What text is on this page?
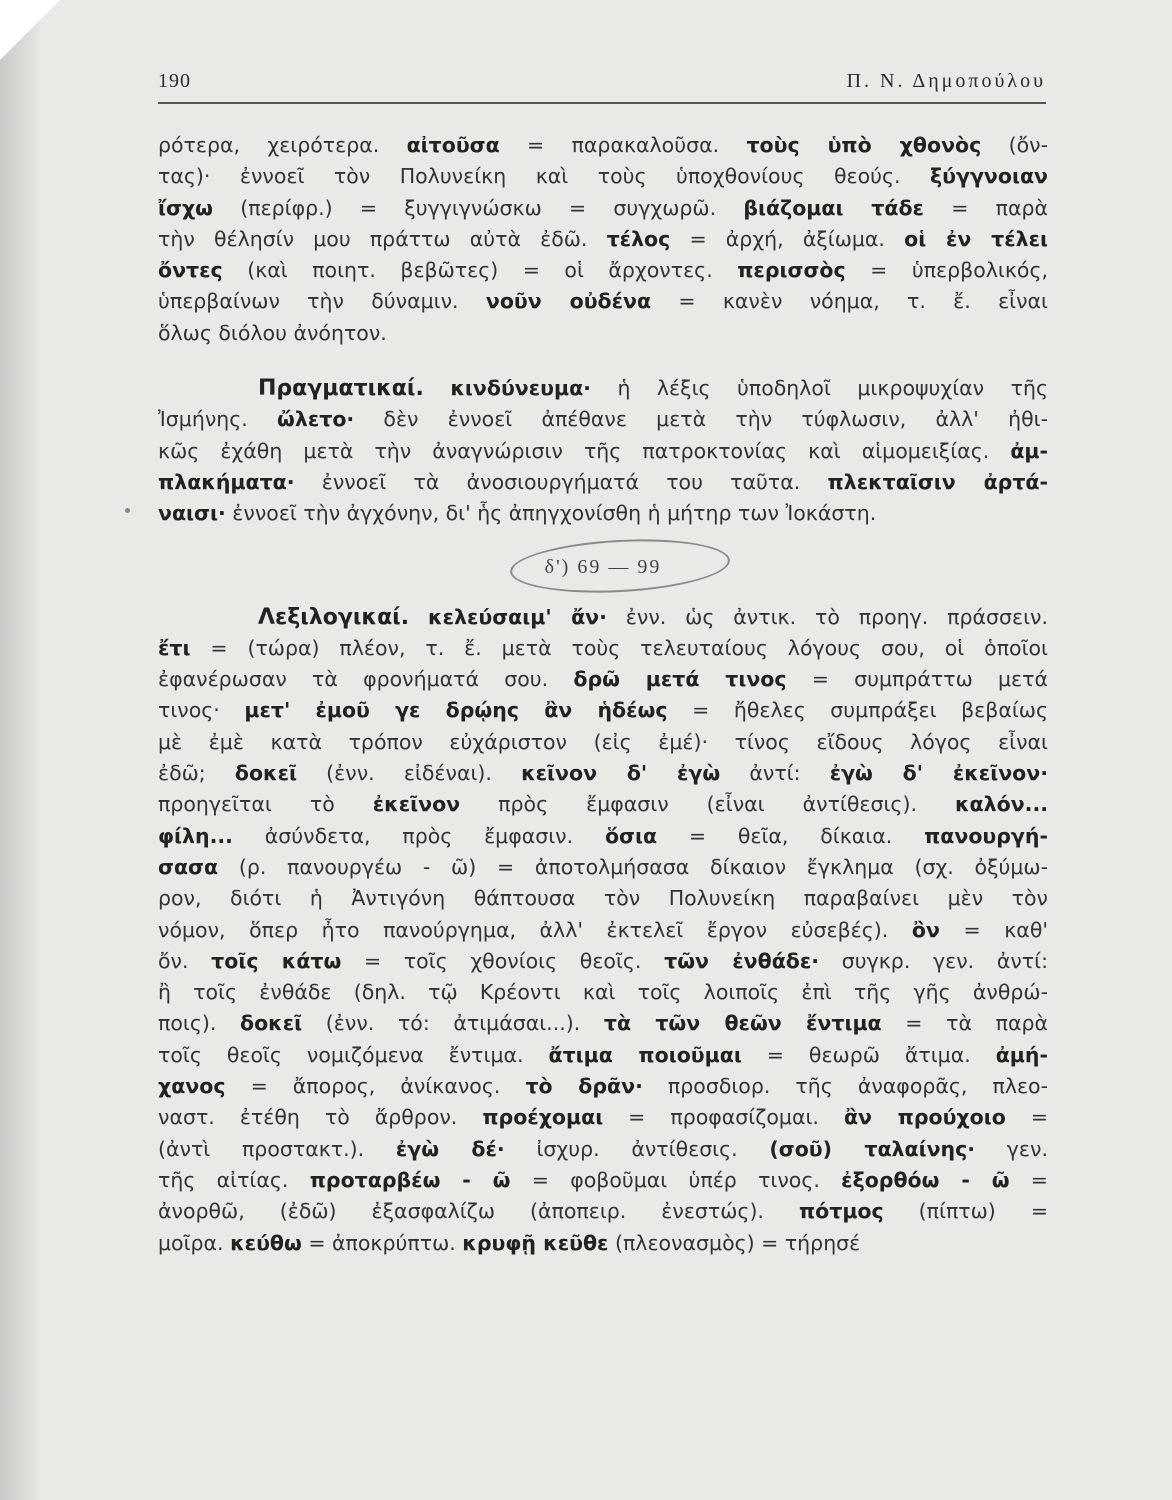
190	Π. Ν. Δημοπούλου

ρότερα, χειρότερα. αἰτοῦσα = παρακαλοῦσα. τοὺς ὑπὸ χθονὸς (ὄν-
τας)· ἐννοεῖ τὸν Πολυνείκη καὶ τοὺς ὑποχθονίους θεούς. ξύγγνοιαν
ἴσχω (περίφρ.) = ξυγγιγνώσκω = συγχωρῶ. βιάζομαι τάδε = παρὰ
τὴν θέλησίν μου πράττω αὐτὰ ἐδῶ. τέλος = ἀρχή, ἀξίωμα. οἱ ἐν τέλει
ὄντες (καὶ ποιητ. βεβῶτες) = οἱ ἄρχοντες. περισσὸς = ὑπερβολικός,
ὑπερβαίνων τὴν δύναμιν. νοῦν οὐδένα = κανὲν νόημα, τ. ἔ. εἶναι
ὅλως διόλου ἀνόητον.

Πραγματικαί. κινδύνευμα· ἡ λέξις ὑποδηλοῖ μικροψυχίαν τῆς
Ἰσμήνης. ὤλετο· δὲν ἐννοεῖ ἀπέθανε μετὰ τὴν τύφλωσιν, ἀλλ' ἠθι-
κῶς ἐχάθη μετὰ τὴν ἀναγνώρισιν τῆς πατροκτονίας καὶ αἱμομειξίας. ἀμ-
πλακήματα· ἐννοεῖ τὰ ἀνοσιουργήματά του ταῦτα. πλεκταῖσιν ἀρτά-
ναισι· ἐννοεῖ τὴν ἀγχόνην, δι' ἧς ἀπηγχονίσθη ἡ μήτηρ των Ἰοκάστη.

δ') 69 — 99

Λεξιλογικαί. κελεύσαιμ' ἄν· ἐνν. ὡς ἀντικ. τὸ προηγ. πράσσειν.
ἔτι = (τώρα) πλέον, τ. ἔ. μετὰ τοὺς τελευταίους λόγους σου, οἱ ὁποῖοι
ἐφανέρωσαν τὰ φρονήματά σου. δρῶ μετά τινος = συμπράττω μετά
τινος· μετ' ἐμοῦ γε δρῴης ἂν ἡδέως = ἤθελες συμπράξει βεβαίως
μὲ ἐμὲ κατὰ τρόπον εὐχάριστον (εἰς ἐμέ)· τίνος εἴδους λόγος εἶναι
ἐδῶ; δοκεῖ (ἐνν. εἰδέναι). κεῖνον δ' ἐγὼ ἀντί: ἐγὼ δ' ἐκεῖνον·
προηγεῖται τὸ ἐκεῖνον πρὸς ἔμφασιν (εἶναι ἀντίθεσις). καλόν...
φίλη... ἀσύνδετα, πρὸς ἔμφασιν. ὅσια = θεῖα, δίκαια. πανουργή-
σασα (ρ. πανουργέω - ῶ) = ἀποτολμήσασα δίκαιον ἔγκλημα (σχ. ὀξύμω-
ρον, διότι ἡ Ἀντιγόνη θάπτουσα τὸν Πολυνείκη παραβαίνει μὲν τὸν
νόμον, ὅπερ ἦτο πανούργημα, ἀλλ' ἐκτελεῖ ἔργον εὐσεβές). ὂν = καθ'
ὄν. τοῖς κάτω = τοῖς χθονίοις θεοῖς. τῶν ἐνθάδε· συγκρ. γεν. ἀντί:
ἢ τοῖς ἐνθάδε (δηλ. τῷ Κρέοντι καὶ τοῖς λοιποῖς ἐπὶ τῆς γῆς ἀνθρώ-
ποις). δοκεῖ (ἐνν. τό: ἀτιμάσαι...). τὰ τῶν θεῶν ἔντιμα = τὰ παρὰ
τοῖς θεοῖς νομιζόμενα ἔντιμα. ἄτιμα ποιοῦμαι = θεωρῶ ἄτιμα. ἀμή-
χανος = ἄπορος, ἀνίκανος. τὸ δρᾶν· προσδιορ. τῆς ἀναφορᾶς, πλεο-
ναστ. ἐτέθη τὸ ἄρθρον. προέχομαι = προφασίζομαι. ἂν προύχοιο =
(ἀντὶ προστακτ.). ἐγὼ δέ· ἰσχυρ. ἀντίθεσις. (σοῦ) ταλαίνης· γεν.
τῆς αἰτίας. προταρβέω - ῶ = φοβοῦμαι ὑπέρ τινος. ἐξορθόω - ῶ =
ἀνορθῶ, (ἐδῶ) ἐξασφαλίζω (ἀποπειρ. ἐνεστώς). πότμος (πίπτω) =
μοῖρα. κεύθω = ἀποκρύπτω. κρυφῇ κεῦθε (πλεονασμὸς) = τήρησέ
